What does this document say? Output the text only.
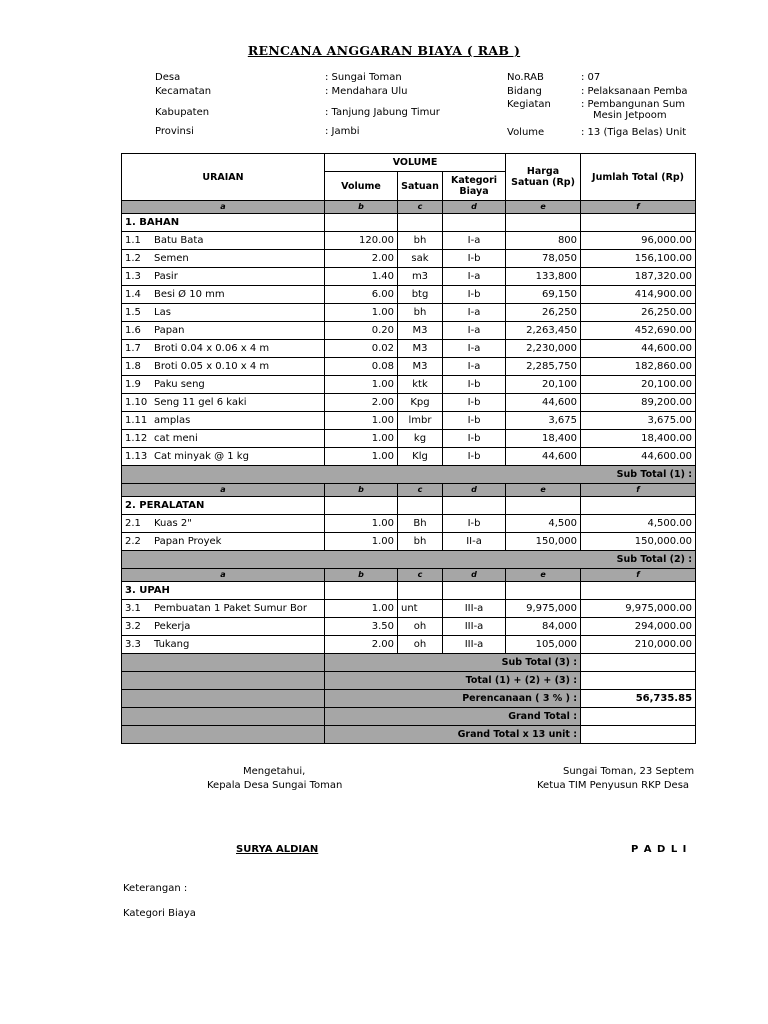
RENCANA ANGGARAN BIAYA ( RAB )
Desa	: Sungai Toman
Kecamatan	: Mendahara Ulu
Kabupaten	: Tanjung Jabung Timur
Provinsi	: Jambi
No.RAB	: 07
Bidang	: Pelaksanaan Pemba
Kegiatan	: Pembangunan Sum
Mesin Jetpoom
Volume	: 13 (Tiga Belas) Unit
URAIAN	VOLUME			Harga Satuan (Rp)	Jumlah Total (Rp)
	Volume	Satuan	Kategori Biaya		
a	b	c	d	e	f
1. BAHAN					
1.1 Batu Bata	120.00	bh	I-a	800	96,000.00
1.2 Semen	2.00	sak	I-b	78,050	156,100.00
1.3 Pasir	1.40	m3	I-a	133,800	187,320.00
1.4 Besi Ø 10 mm	6.00	btg	I-b	69,150	414,900.00
1.5 Las	1.00	bh	I-a	26,250	26,250.00
1.6 Papan	0.20	M3	I-a	2,263,450	452,690.00
1.7 Broti 0.04 x 0.06 x 4 m	0.02	M3	I-a	2,230,000	44,600.00
1.8 Broti 0.05 x 0.10 x 4 m	0.08	M3	I-a	2,285,750	182,860.00
1.9 Paku seng	1.00	ktk	I-b	20,100	20,100.00
1.10 Seng 11 gel 6 kaki	2.00	Kpg	I-b	44,600	89,200.00
1.11 amplas	1.00	lmbr	I-b	3,675	3,675.00
1.12 cat meni	1.00	kg	I-b	18,400	18,400.00
1.13 Cat minyak @ 1 kg	1.00	Klg	I-b	44,600	44,600.00
Sub Total (1) :					
a	b	c	d	e	f
2. PERALATAN					
2.1 Kuas 2"	1.00	Bh	I-b	4,500	4,500.00
2.2 Papan Proyek	1.00	bh	II-a	150,000	150,000.00
Sub Total (2) :					
a	b	c	d	e	f
3. UPAH					
3.1 Pembuatan 1 Paket Sumur Bor	1.00	unt	III-a	9,975,000	9,975,000.00
3.2 Pekerja	3.50	oh	III-a	84,000	294,000.00
3.3 Tukang	2.00	oh	III-a	105,000	210,000.00
	Sub Total (3) :				
	Total (1) + (2) + (3) :				
	Perencanaan ( 3 % ) :				56,735.85
	Grand Total :				
	Grand Total x 13 unit :				
Mengetahui,
Kepala Desa Sungai Toman
Sungai Toman, 23 Septem
Ketua TIM Penyusun RKP Desa
SURYA ALDIAN	P A D L I
Keterangan :
Kategori Biaya
